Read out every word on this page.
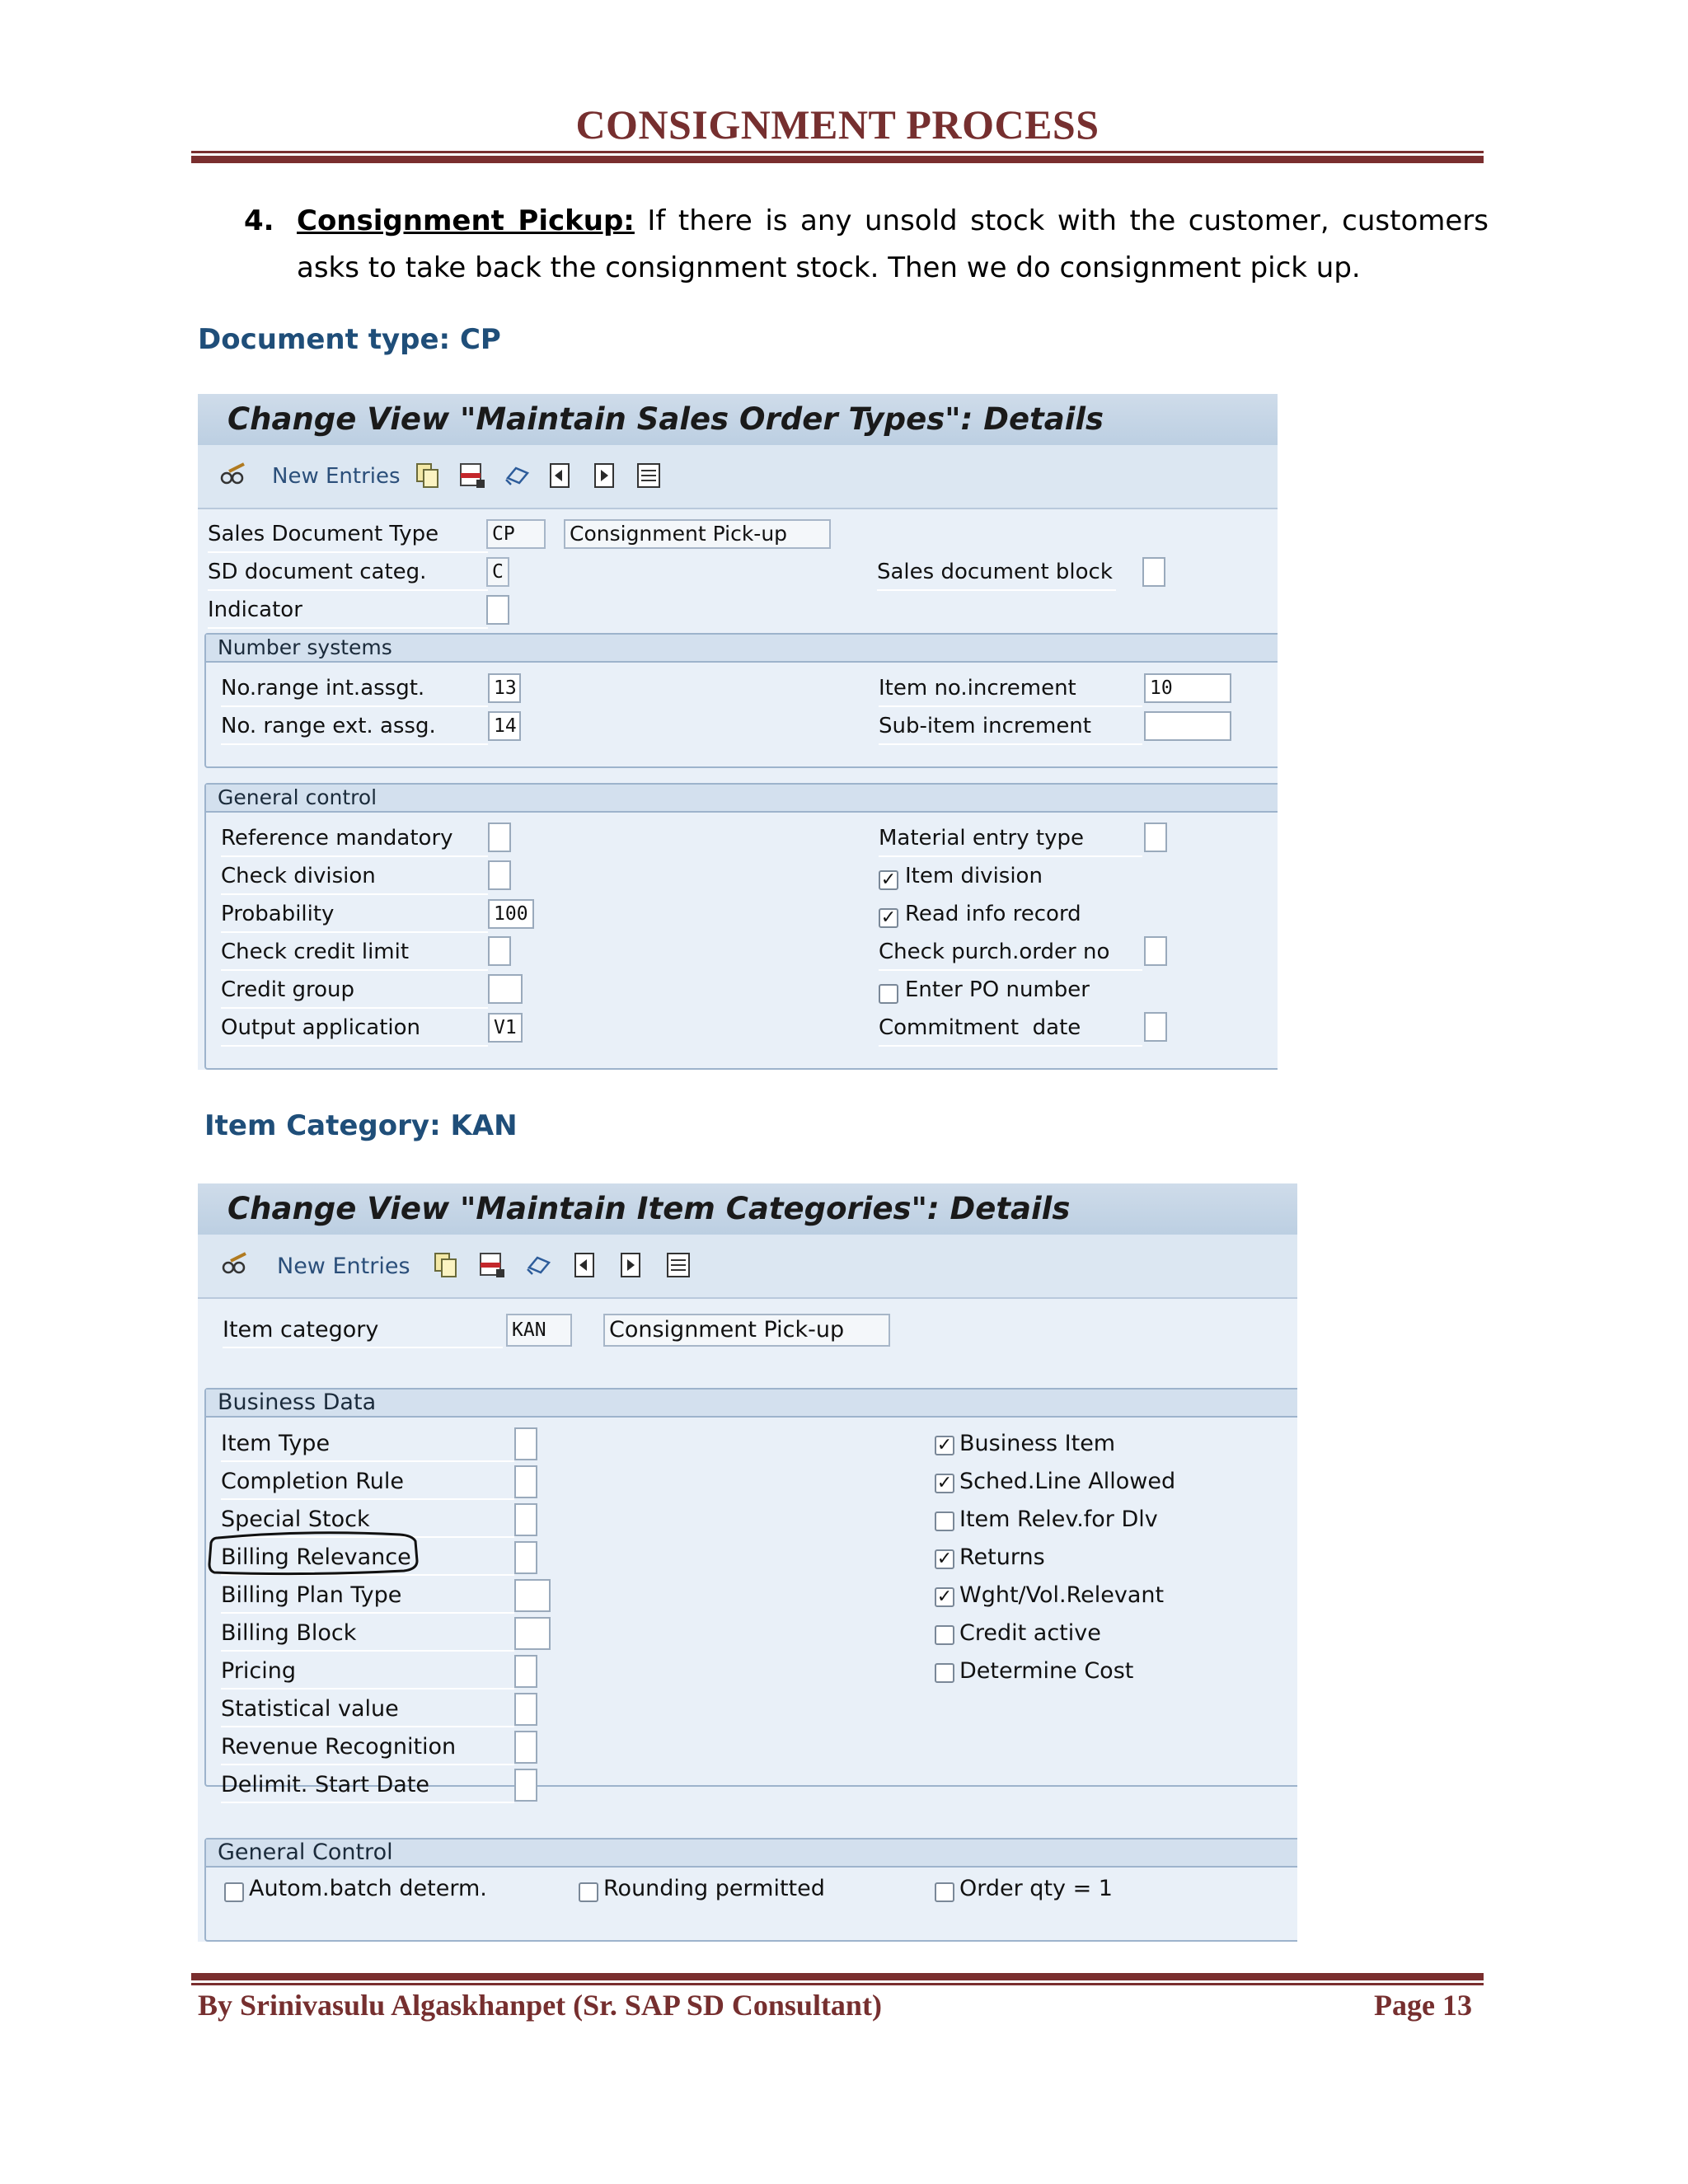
CONSIGNMENT PROCESS
4. Consignment Pickup: If there is any unsold stock with the customer, customers asks to take back the consignment stock. Then we do consignment pick up.
Document type: CP
Change View "Maintain Sales Order Types": Details
New Entries
Sales Document Type	CP	Consignment Pick-up
SD document categ.	C	Sales document block
Indicator
Number systems
No.range int.assgt.	13
No. range ext. assg.	14
Item no.increment	10
Sub-item increment
General control
Reference mandatory
Check division
Probability	100
Check credit limit
Credit group
Output application	V1
Material entry type
✓ Item division
✓ Read info record
Check purch.order no
Enter PO number
Commitment  date
Item Category: KAN
Change View "Maintain Item Categories": Details
New Entries
Item category	KAN	Consignment Pick-up
Business Data
Item Type
Completion Rule
Special Stock
Billing Relevance
Billing Plan Type
Billing Block
Pricing
Statistical value
Revenue Recognition
Delimit. Start Date
✓ Business Item
✓ Sched.Line Allowed
Item Relev.for Dlv
✓ Returns
✓ Wght/Vol.Relevant
Credit active
Determine Cost
General Control
Autom.batch determ.	Rounding permitted	Order qty = 1
By Srinivasulu Algaskhanpet (Sr. SAP SD Consultant)	Page 13
